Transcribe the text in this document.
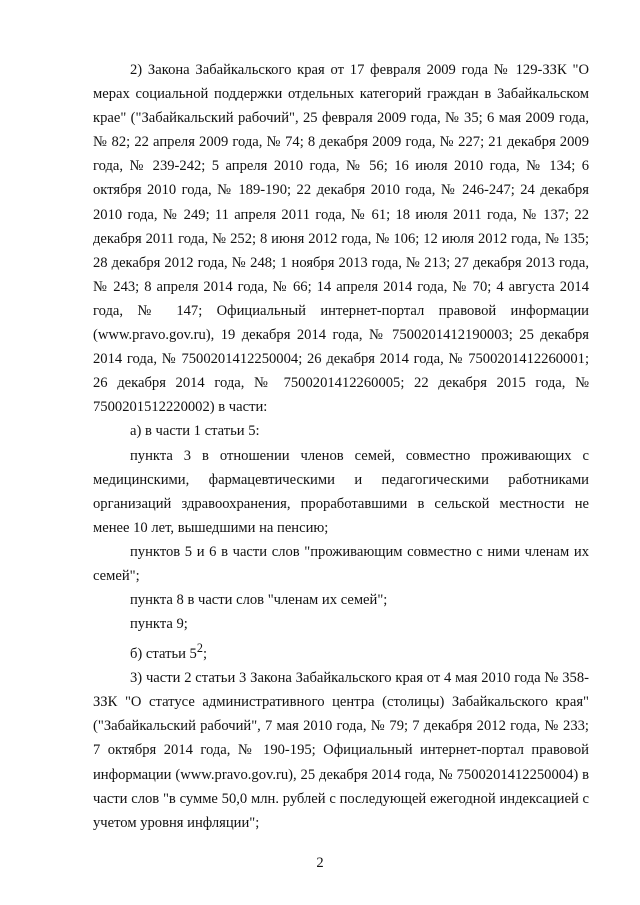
2) Закона Забайкальского края от 17 февраля 2009 года № 129-ЗЗК "О мерах социальной поддержки отдельных категорий граждан в Забайкальском крае" ("Забайкальский рабочий", 25 февраля 2009 года, № 35; 6 мая 2009 года, № 82; 22 апреля 2009 года, № 74; 8 декабря 2009 года, № 227; 21 декабря 2009 года, № 239-242; 5 апреля 2010 года, № 56; 16 июля 2010 года, № 134; 6 октября 2010 года, № 189-190; 22 декабря 2010 года, № 246-247; 24 декабря 2010 года, № 249; 11 апреля 2011 года, № 61; 18 июля 2011 года, № 137; 22 декабря 2011 года, № 252; 8 июня 2012 года, № 106; 12 июля 2012 года, № 135; 28 декабря 2012 года, № 248; 1 ноября 2013 года, № 213; 27 декабря 2013 года, № 243; 8 апреля 2014 года, № 66; 14 апреля 2014 года, № 70; 4 августа 2014 года, № 147; Официальный интернет-портал правовой информации (www.pravo.gov.ru), 19 декабря 2014 года, № 7500201412190003; 25 декабря 2014 года, № 7500201412250004; 26 декабря 2014 года, № 7500201412260001; 26 декабря 2014 года, № 7500201412260005; 22 декабря 2015 года, № 7500201512220002) в части:

а) в части 1 статьи 5:

пункта 3 в отношении членов семей, совместно проживающих с медицинскими, фармацевтическими и педагогическими работниками организаций здравоохранения, проработавшими в сельской местности не менее 10 лет, вышедшими на пенсию;

пунктов 5 и 6 в части слов "проживающим совместно с ними членам их семей";

пункта 8 в части слов "членам их семей";

пункта 9;

б) статьи $5^2$;

3) части 2 статьи 3 Закона Забайкальского края от 4 мая 2010 года № 358-ЗЗК "О статусе административного центра (столицы) Забайкальского края" ("Забайкальский рабочий", 7 мая 2010 года, № 79; 7 декабря 2012 года, № 233; 7 октября 2014 года, № 190-195; Официальный интернет-портал правовой информации (www.pravo.gov.ru), 25 декабря 2014 года, № 7500201412250004) в части слов "в сумме 50,0 млн. рублей с последующей ежегодной индексацией с учетом уровня инфляции";

2
